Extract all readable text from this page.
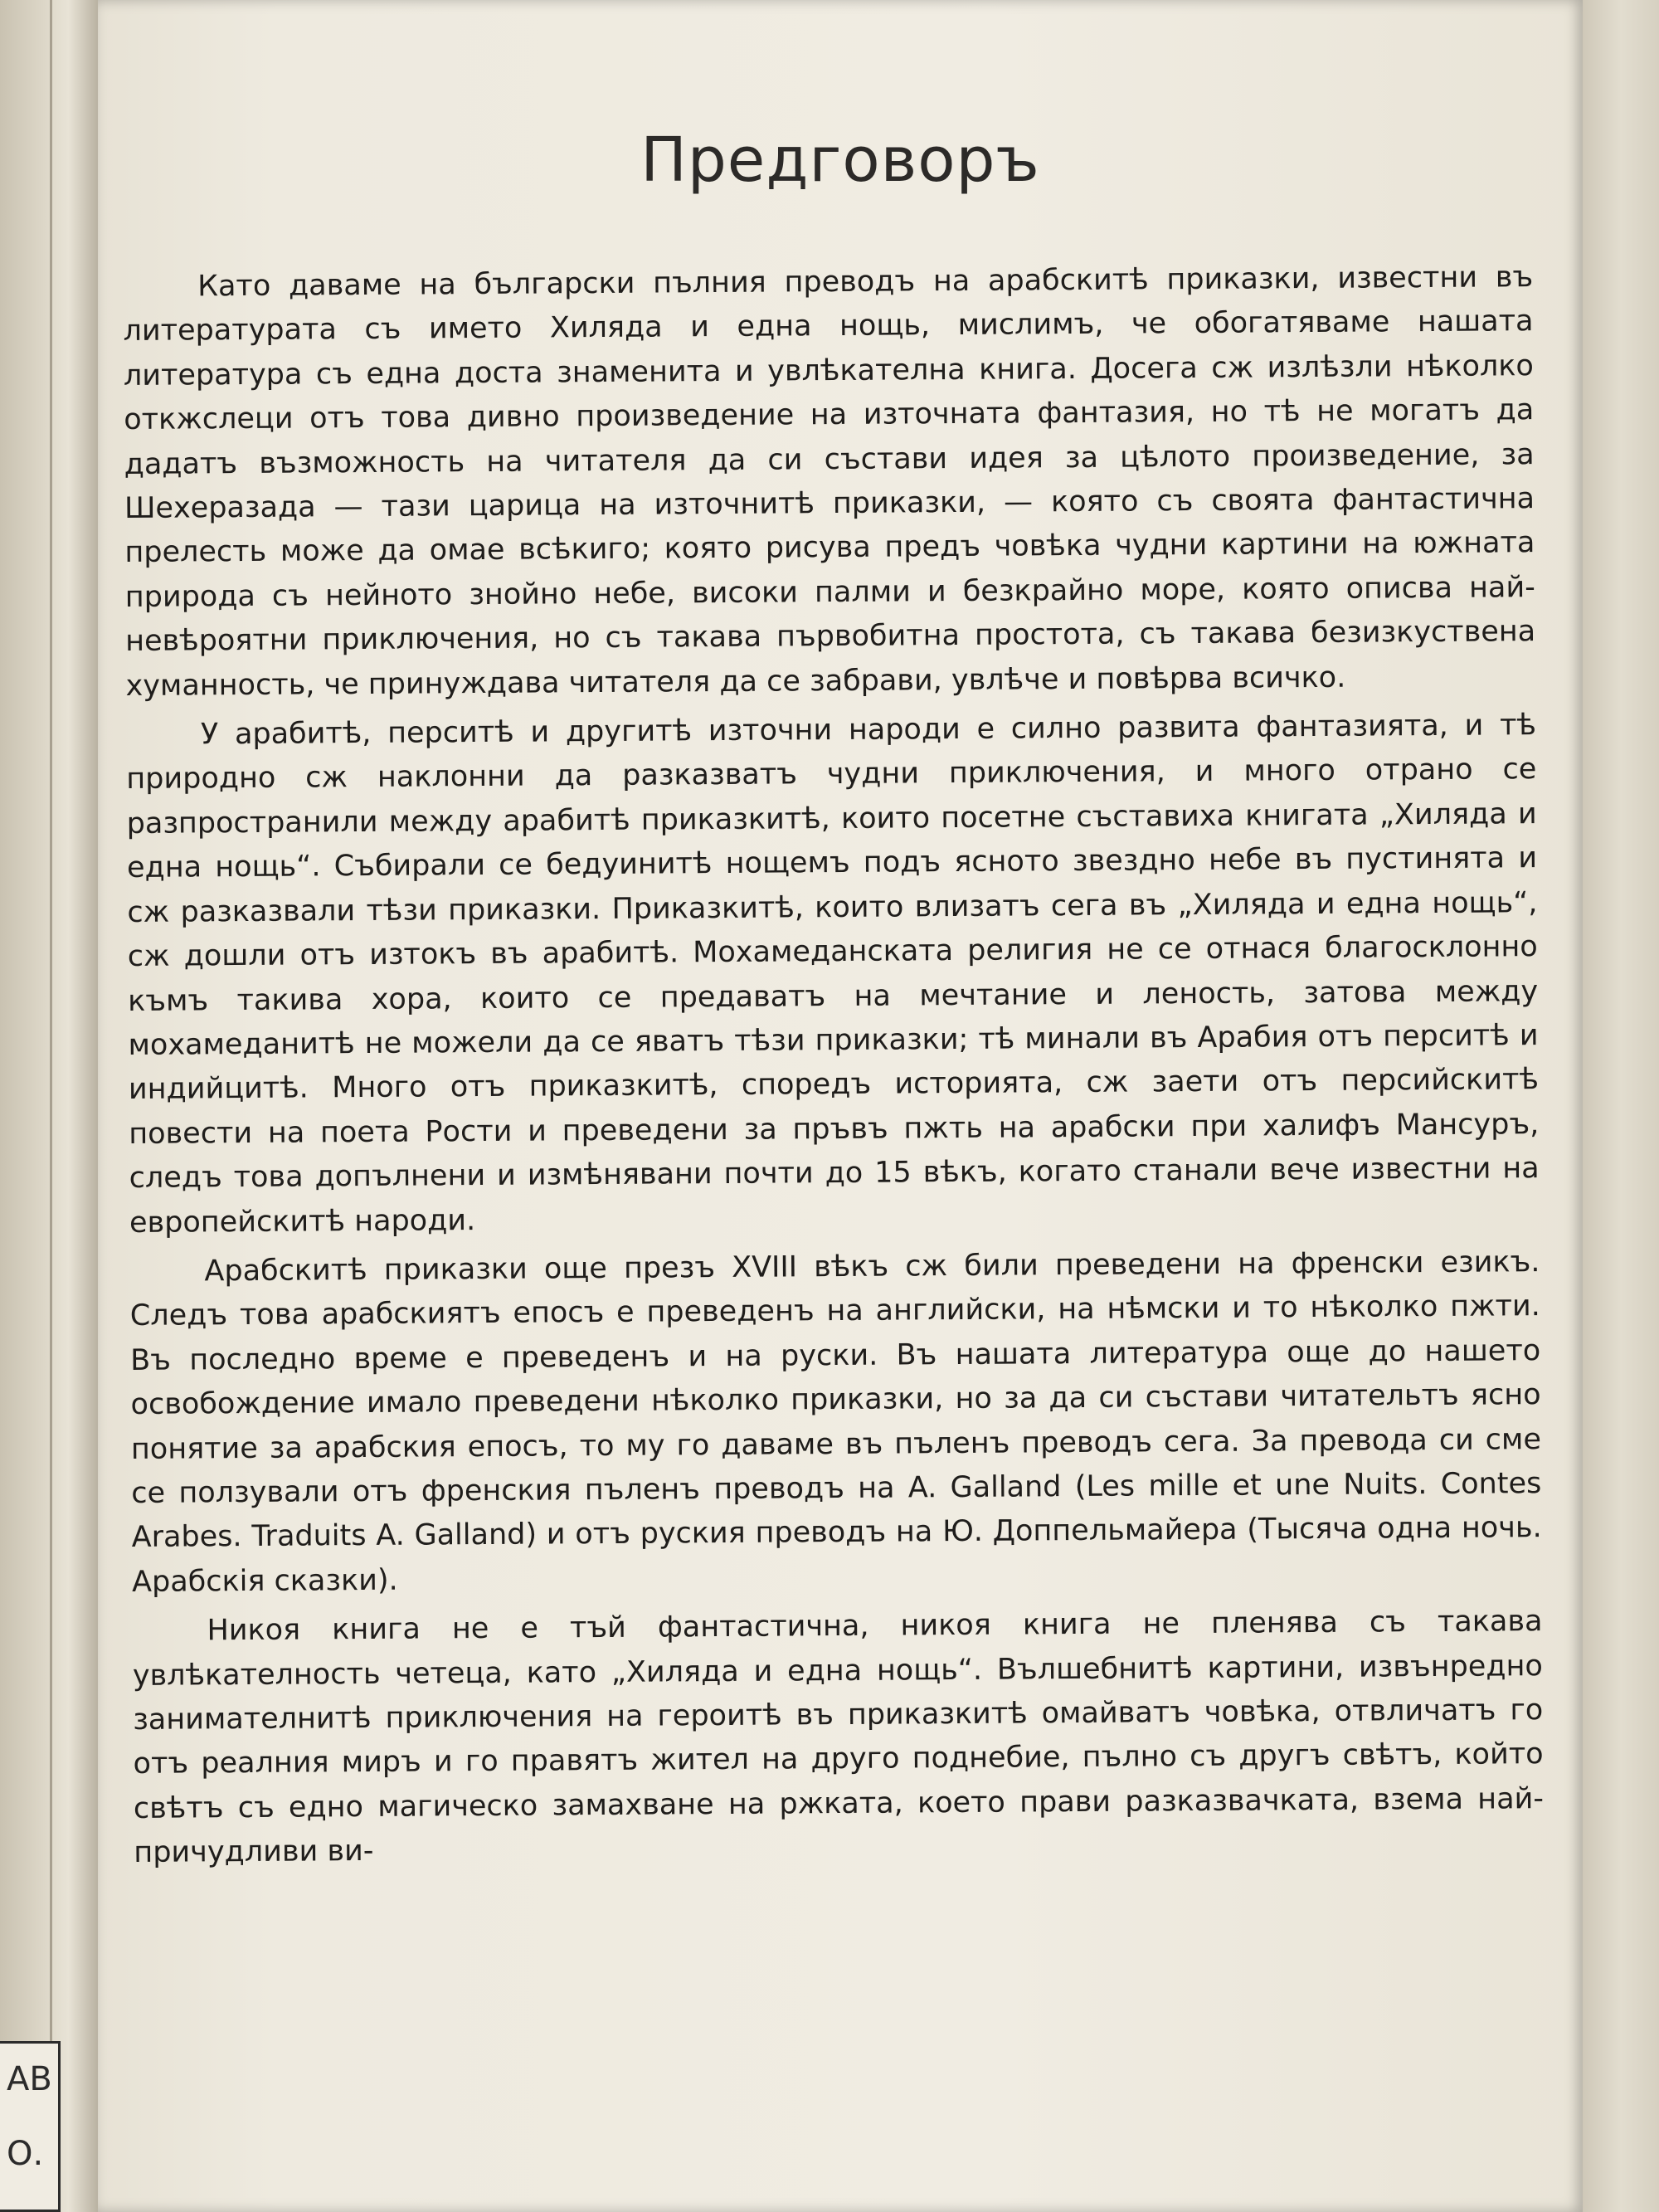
АВ
О.
Предговоръ

Като даваме на български пълния преводъ на арабскитѣ приказки, известни въ литературата съ името Хиляда и една нощь, мислимъ, че обогатяваме нашата литература съ една доста знаменита и увлѣкателна книга. Досега сж излѣзли нѣколко откжслеци отъ това дивно произведение на източната фантазия, но тѣ не могатъ да дадатъ възможность на читателя да си състави идея за цѣлото произведение, за Шехеразада — тази царица на източнитѣ приказки, — която съ своята фантастична прелесть може да омае всѣкиго; която рисува предъ човѣка чудни картини на южната природа съ нейното знойно небе, високи палми и безкрайно море, която описва най-невѣроятни приключения, но съ такава първобитна простота, съ такава безизкуствена хуманность, че принуждава читателя да се забрави, увлѣче и повѣрва всичко.

У арабитѣ, перситѣ и другитѣ източни народи е силно развита фантазията, и тѣ природно сж наклонни да разказватъ чудни приключения, и много отрано се разпространили между арабитѣ приказкитѣ, които посетне съставиха книгата „Хиляда и една нощь“. Събирали се бедуинитѣ нощемъ подъ ясното звездно небе въ пустинята и сж разказвали тѣзи приказки. Приказкитѣ, които влизатъ сега въ „Хиляда и една нощь“, сж дошли отъ изтокъ въ арабитѣ. Мохамеданската религия не се отнася благосклонно къмъ такива хора, които се предаватъ на мечтание и леность, затова между мохамеданитѣ не можели да се яватъ тѣзи приказки; тѣ минали въ Арабия отъ перситѣ и индийцитѣ. Много отъ приказкитѣ, споредъ историята, сж заети отъ персийскитѣ повести на поета Рости и преведени за пръвъ пжть на арабски при халифъ Мансуръ, следъ това допълнени и измѣнявани почти до 15 вѣкъ, когато станали вече известни на европейскитѣ народи.

Арабскитѣ приказки още презъ XVIII вѣкъ сж били преведени на френски езикъ. Следъ това арабскиятъ епосъ е преведенъ на английски, на нѣмски и то нѣколко пжти. Въ последно време е преведенъ и на руски. Въ нашата литература още до нашето освобождение имало преведени нѣколко приказки, но за да си състави читательтъ ясно понятие за арабския епосъ, то му го даваме въ пъленъ преводъ сега. За превода си сме се ползували отъ френския пъленъ преводъ на A. Galland (Les mille et une Nuits. Contes Arabes. Traduits A. Galland) и отъ руския преводъ на Ю. Доппельмайера (Тысяча одна ночь. Арабскія сказки).

Никоя книга не е тъй фантастична, никоя книга не пленява съ такава увлѣкателность четеца, като „Хиляда и една нощь“. Вълшебнитѣ картини, извънредно занимателнитѣ приключения на героитѣ въ приказкитѣ омайватъ човѣка, отвличатъ го отъ реалния миръ и го правятъ жител на друго поднебие, пълно съ другъ свѣтъ, който свѣтъ съ едно магическо замахване на ржката, което прави разказвачката, взема най-причудливи ви-
